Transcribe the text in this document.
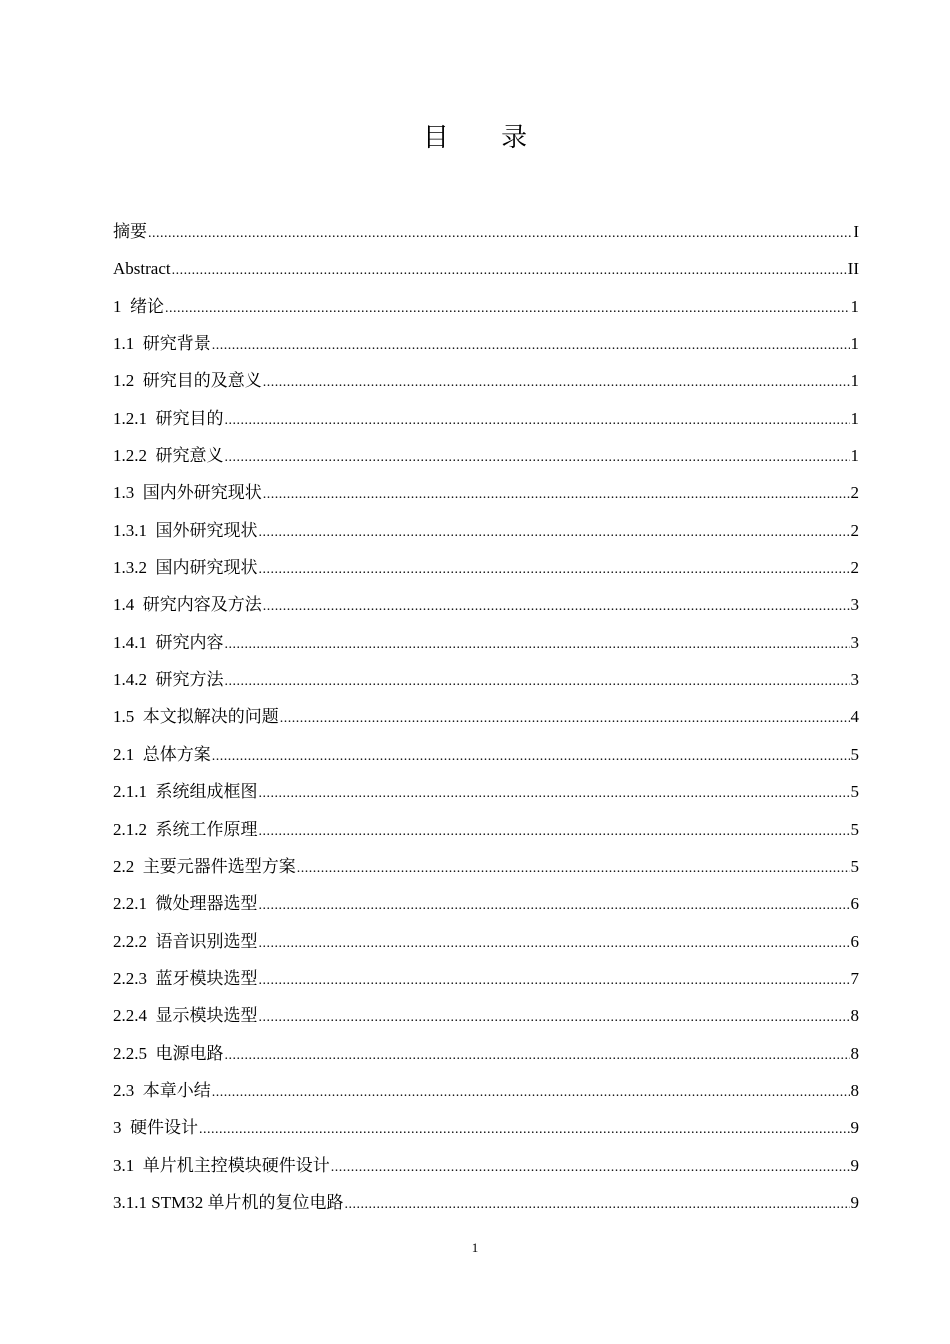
目 录
摘要 .....	I
Abstract .....	II
1  绪论 .....	1
1.1  研究背景 .....	1
1.2  研究目的及意义 .....	1
1.2.1  研究目的 .....	1
1.2.2  研究意义 .....	1
1.3  国内外研究现状 .....	2
1.3.1  国外研究现状 .....	2
1.3.2  国内研究现状 .....	2
1.4  研究内容及方法 .....	3
1.4.1  研究内容 .....	3
1.4.2  研究方法 .....	3
1.5  本文拟解决的问题 .....	4
2.1  总体方案 .....	5
2.1.1  系统组成框图 .....	5
2.1.2  系统工作原理 .....	5
2.2  主要元器件选型方案 .....	5
2.2.1  微处理器选型 .....	6
2.2.2  语音识别选型 .....	6
2.2.3  蓝牙模块选型 .....	7
2.2.4  显示模块选型 .....	8
2.2.5  电源电路 .....	8
2.3  本章小结 .....	8
3  硬件设计 .....	9
3.1  单片机主控模块硬件设计 .....	9
3.1.1 STM32 单片机的复位电路 .....	9
1
